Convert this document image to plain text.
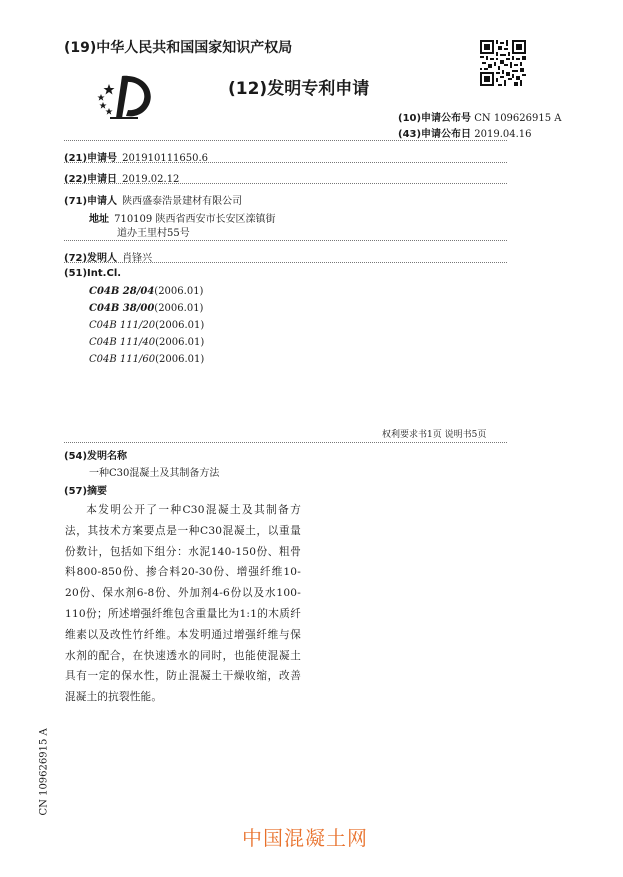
(19)中华人民共和国国家知识产权局
(12)发明专利申请
(10)申请公布号 CN 109626915 A
(43)申请公布日 2019.04.16
(21)申请号 201910111650.6
(22)申请日 2019.02.12
(71)申请人 陕西盛泰浩景建材有限公司
地址 710109 陕西省西安市长安区滦镇街
道办王里村55号
(72)发明人 肖锋兴
(51)Int.Cl.
C04B 28/04(2006.01)
C04B 38/00(2006.01)
C04B 111/20(2006.01)
C04B 111/40(2006.01)
C04B 111/60(2006.01)
权利要求书1页 说明书5页
(54)发明名称
一种C30混凝土及其制备方法
(57)摘要
本发明公开了一种C30混凝土及其制备方法，其技术方案要点是一种C30混凝土，以重量份数计，包括如下组分：水泥140-150份、粗骨料800-850份、掺合料20-30份、增强纤维10-20份、保水剂6-8份、外加剂4-6份以及水100-110份；所述增强纤维包含重量比为1:1的木质纤维素以及改性竹纤维。本发明通过增强纤维与保水剂的配合，在快速透水的同时，也能使混凝土具有一定的保水性，防止混凝土干燥收缩，改善混凝土的抗裂性能。
CN 109626915 A
中国混凝土网
